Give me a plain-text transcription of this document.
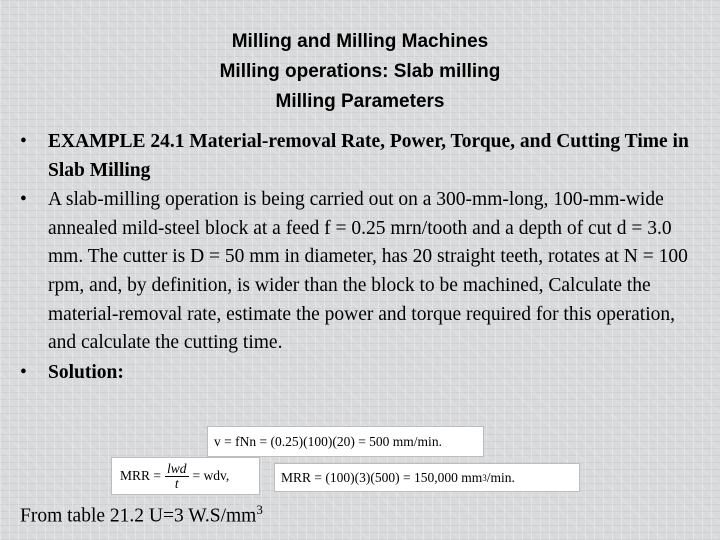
Milling and Milling Machines
Milling operations: Slab milling
Milling Parameters
• EXAMPLE 24.1 Material-removal Rate, Power, Torque, and Cutting Time in Slab Milling
• A slab-milling operation is being carried out on a 300-mm-long, 100-mm-wide annealed mild-steel block at a feed f = 0.25 mrn/tooth and a depth of cut d = 3.0 mm. The cutter is D = 50 mm in diameter, has 20 straight teeth, rotates at N = 100 rpm, and, by definition, is wider than the block to be machined, Calculate the material-removal rate, estimate the power and torque required for this operation, and calculate the cutting time.
• Solution:
v = fNn = (0.25)(100)(20) = 500 mm/min.
MRR = $\frac{\text{lwd}}{t}$ = wdv,	MRR = (100)(3)(500) = 150,000 mm 3 /min.
From table 21.2 U=3 $W.S/mm^3$
